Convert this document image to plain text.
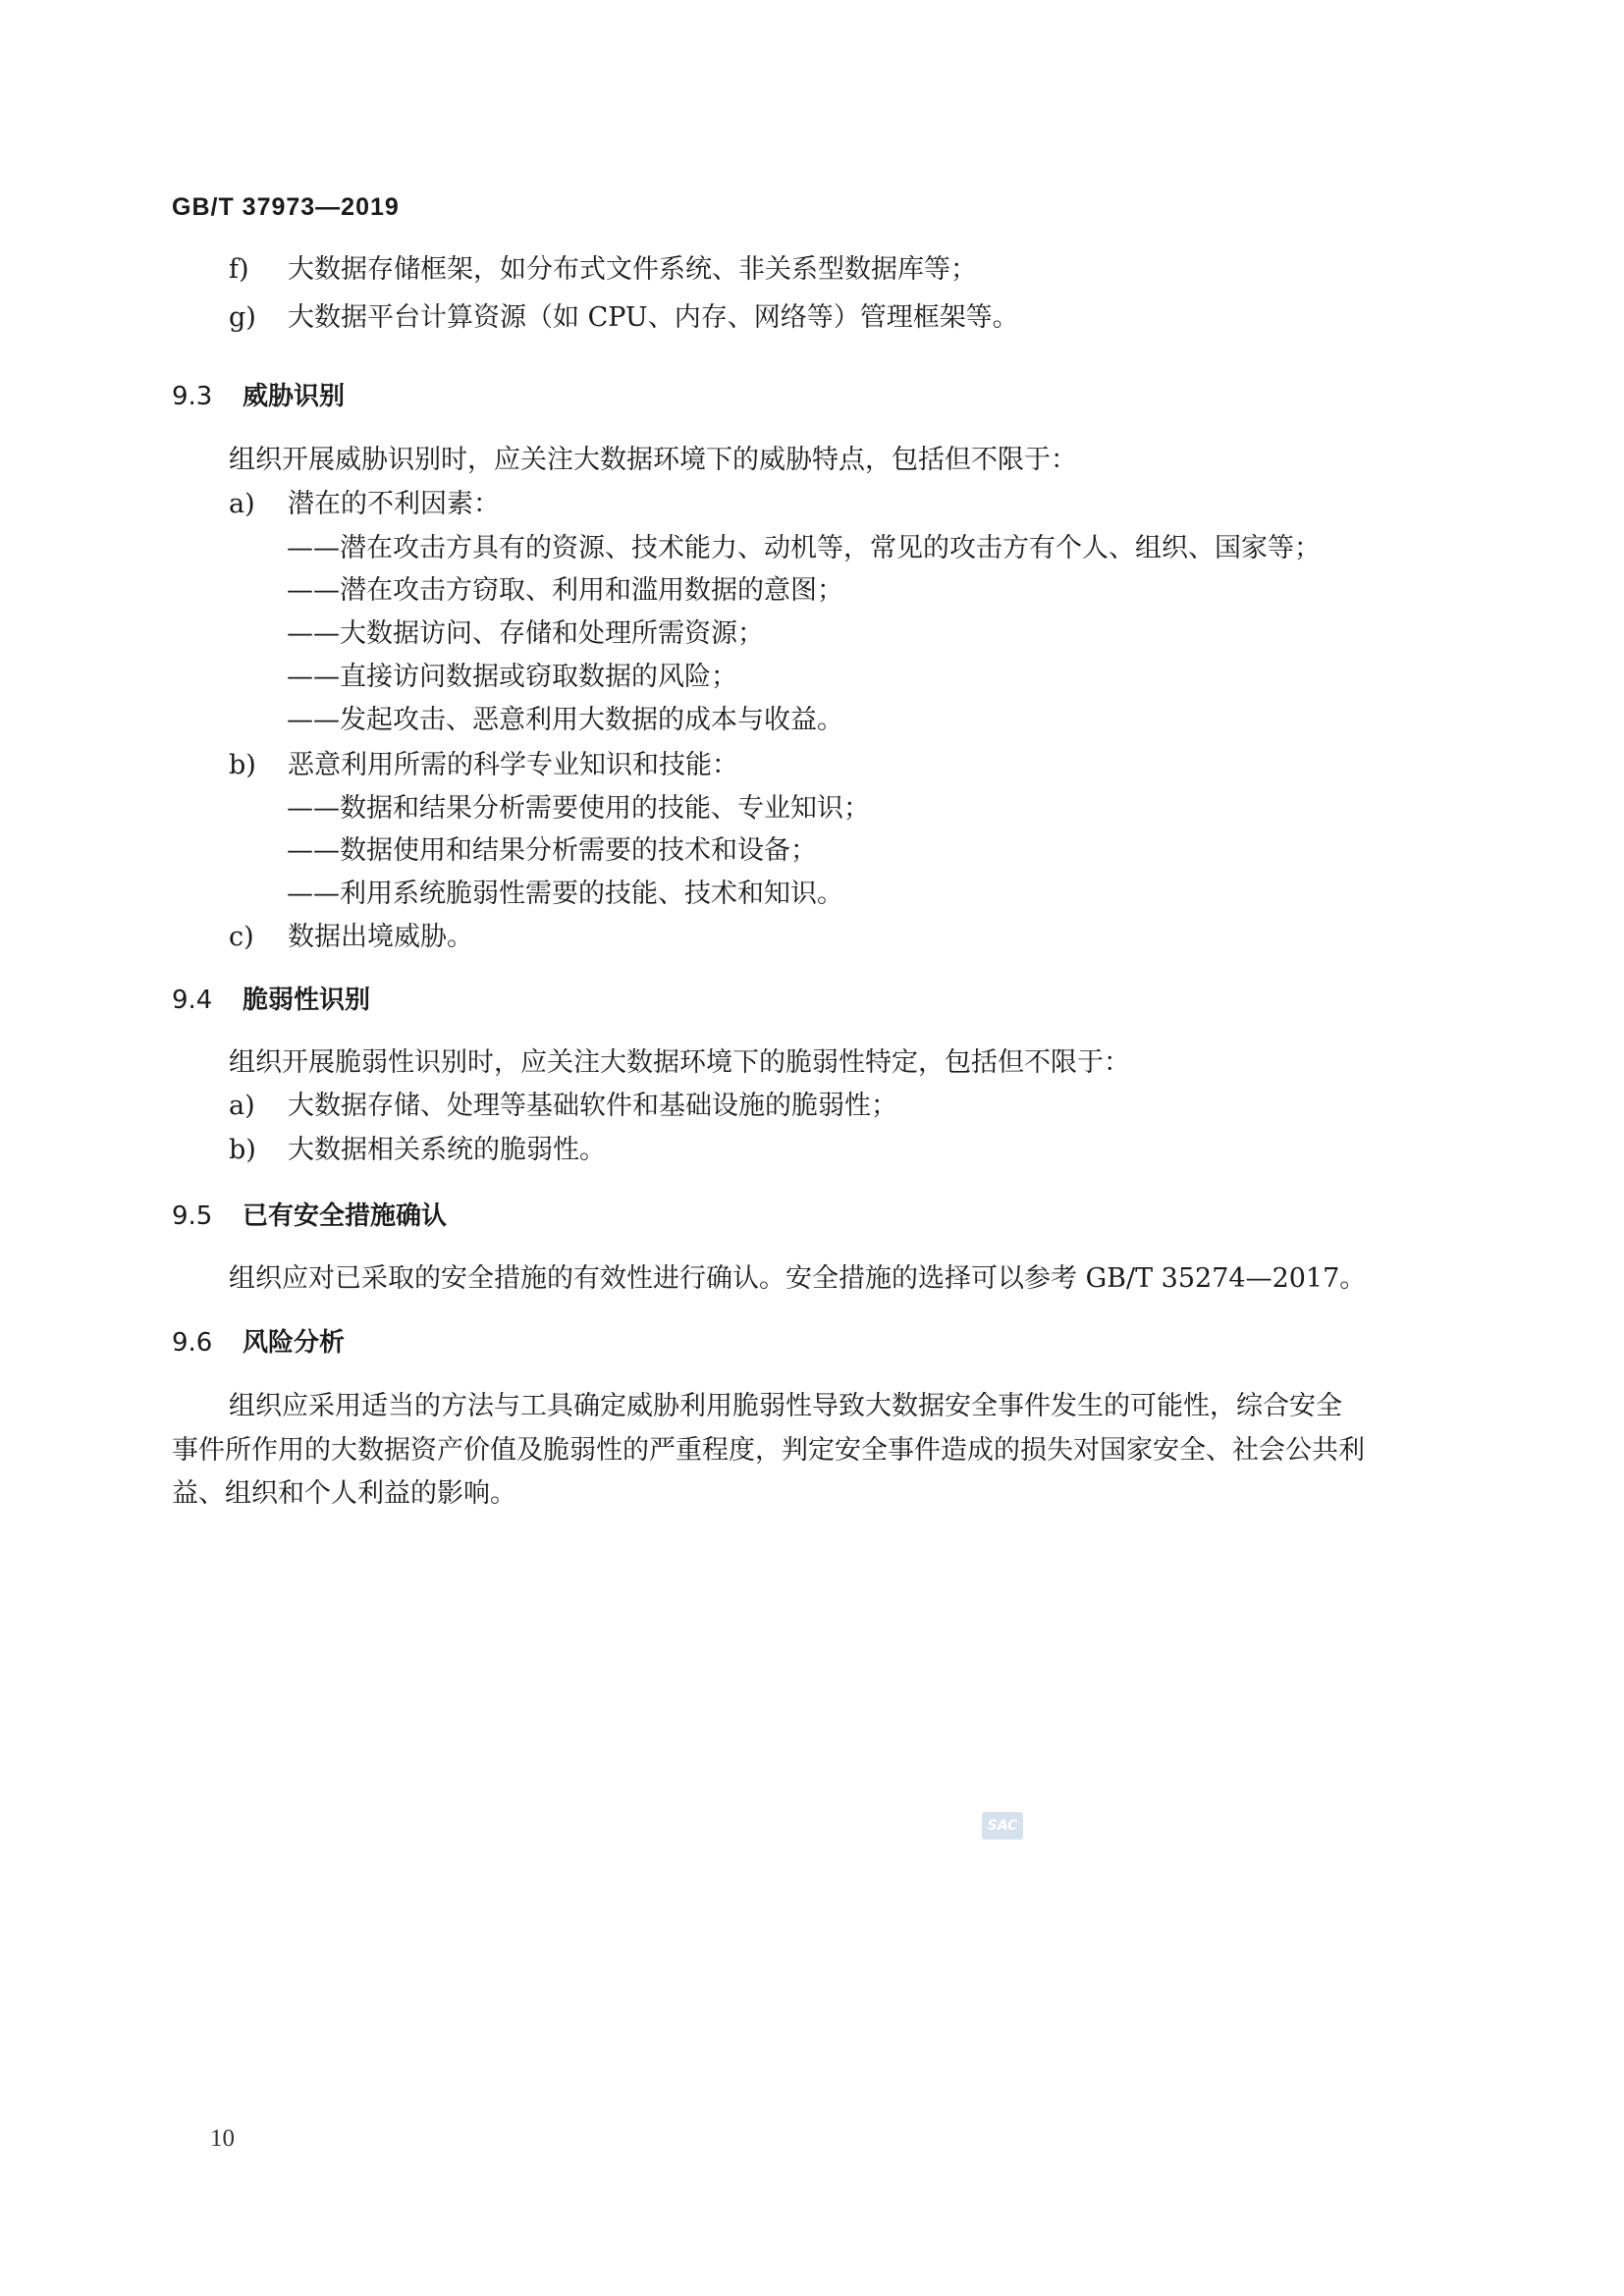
GB/T 37973—2019
f) 大数据存储框架，如分布式文件系统、非关系型数据库等；
g) 大数据平台计算资源（如 CPU、内存、网络等）管理框架等。
9.3 威胁识别
组织开展威胁识别时，应关注大数据环境下的威胁特点，包括但不限于：
a) 潜在的不利因素：
——潜在攻击方具有的资源、技术能力、动机等，常见的攻击方有个人、组织、国家等；
——潜在攻击方窃取、利用和滥用数据的意图；
——大数据访问、存储和处理所需资源；
——直接访问数据或窃取数据的风险；
——发起攻击、恶意利用大数据的成本与收益。
b) 恶意利用所需的科学专业知识和技能：
——数据和结果分析需要使用的技能、专业知识；
——数据使用和结果分析需要的技术和设备；
——利用系统脆弱性需要的技能、技术和知识。
c) 数据出境威胁。
9.4 脆弱性识别
组织开展脆弱性识别时，应关注大数据环境下的脆弱性特定，包括但不限于：
a) 大数据存储、处理等基础软件和基础设施的脆弱性；
b) 大数据相关系统的脆弱性。
9.5 已有安全措施确认
组织应对已采取的安全措施的有效性进行确认。安全措施的选择可以参考 GB/T 35274—2017。
9.6 风险分析
组织应采用适当的方法与工具确定威胁利用脆弱性导致大数据安全事件发生的可能性，综合安全
事件所作用的大数据资产价值及脆弱性的严重程度，判定安全事件造成的损失对国家安全、社会公共利
益、组织和个人利益的影响。
SAC
10
